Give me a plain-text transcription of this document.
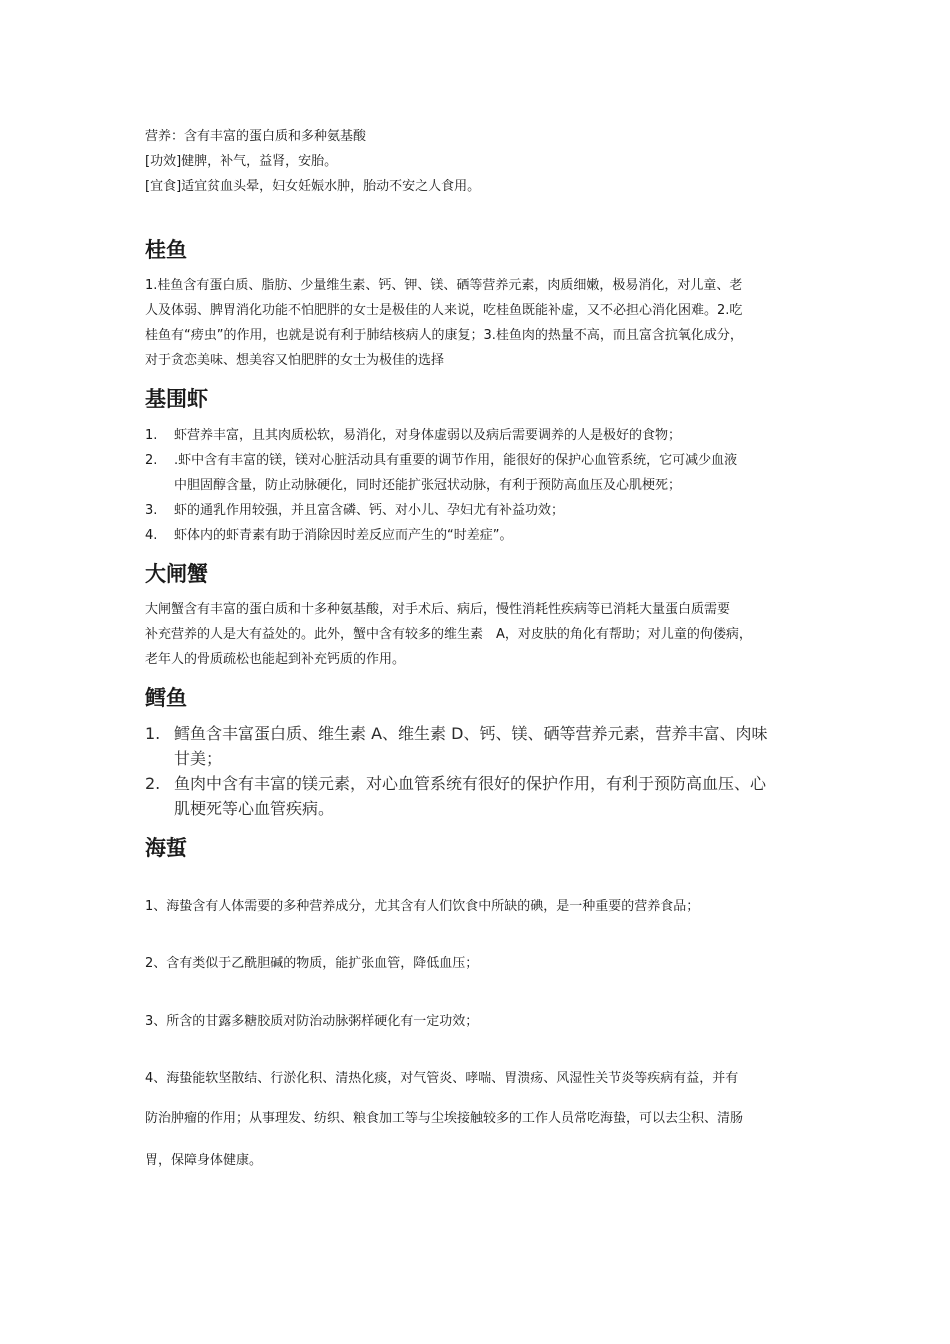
营养：含有丰富的蛋白质和多种氨基酸
[功效]健脾，补气，益肾，安胎。
[宜食]适宜贫血头晕，妇女妊娠水肿，胎动不安之人食用。
桂鱼
1.桂鱼含有蛋白质、脂肪、少量维生素、钙、钾、镁、硒等营养元素，肉质细嫩，极易消化，对儿童、老
人及体弱、脾胃消化功能不怕肥胖的女士是极佳的人来说，吃桂鱼既能补虚，又不必担心消化困难。2.吃
桂鱼有“痨虫”的作用，也就是说有利于肺结核病人的康复；3.桂鱼肉的热量不高，而且富含抗氧化成分，
对于贪恋美味、想美容又怕肥胖的女士为极佳的选择
基围虾
1. 虾营养丰富，且其肉质松软，易消化，对身体虚弱以及病后需要调养的人是极好的食物；
2. .虾中含有丰富的镁，镁对心脏活动具有重要的调节作用，能很好的保护心血管系统，它可减少血液
中胆固醇含量，防止动脉硬化，同时还能扩张冠状动脉，有利于预防高血压及心肌梗死；
3. 虾的通乳作用较强，并且富含磷、钙、对小儿、孕妇尤有补益功效；
4. 虾体内的虾青素有助于消除因时差反应而产生的“时差症”。
大闸蟹
大闸蟹含有丰富的蛋白质和十多种氨基酸，对手术后、病后，慢性消耗性疾病等已消耗大量蛋白质需要
补充营养的人是大有益处的。此外，蟹中含有较多的维生素　A，对皮肤的角化有帮助；对儿童的佝偻病，
老年人的骨质疏松也能起到补充钙质的作用。
鳕鱼
1. 鳕鱼含丰富蛋白质、维生素 A、维生素 D、钙、镁、硒等营养元素，营养丰富、肉味
甘美；
2. 鱼肉中含有丰富的镁元素，对心血管系统有很好的保护作用，有利于预防高血压、心
肌梗死等心血管疾病。
海蜇
1、海蛰含有人体需要的多种营养成分，尤其含有人们饮食中所缺的碘，是一种重要的营养食品；
2、含有类似于乙酰胆碱的物质，能扩张血管，降低血压；
3、所含的甘露多糖胶质对防治动脉粥样硬化有一定功效；
4、海蛰能软坚散结、行淤化积、清热化痰，对气管炎、哮喘、胃溃疡、风湿性关节炎等疾病有益，并有
防治肿瘤的作用；从事理发、纺织、粮食加工等与尘埃接触较多的工作人员常吃海蛰，可以去尘积、清肠
胃，保障身体健康。
